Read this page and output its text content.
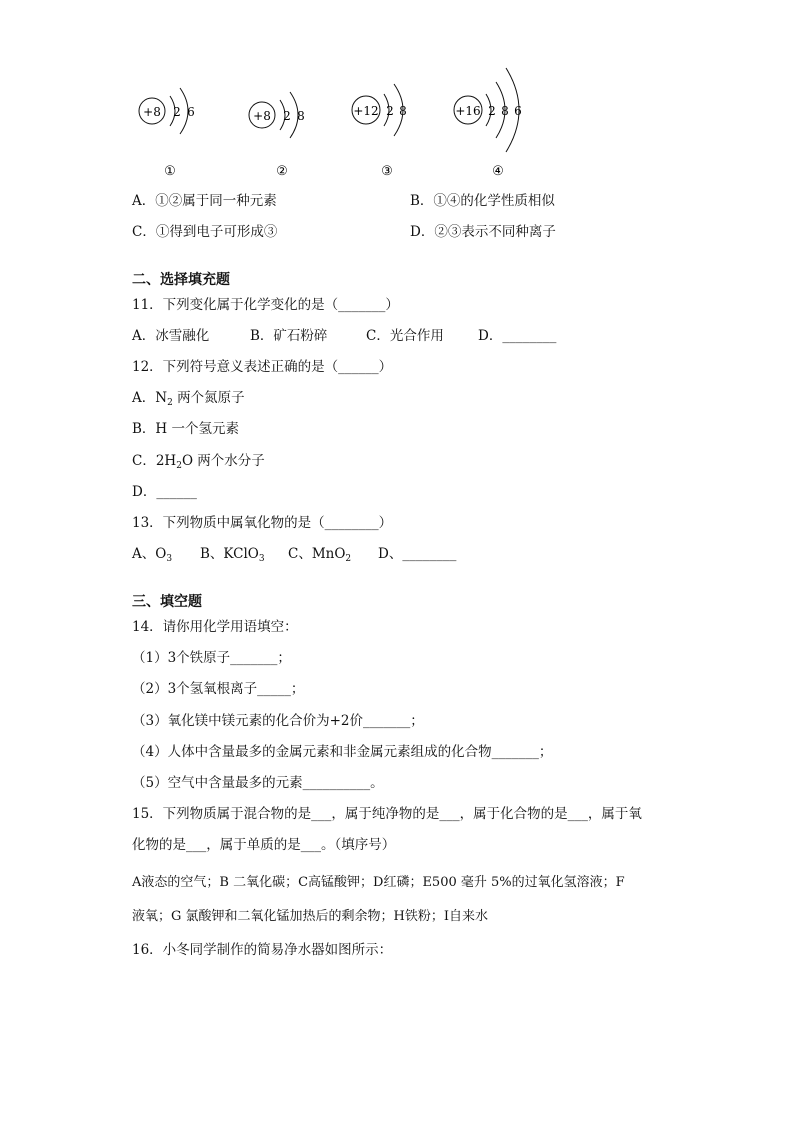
+8 2 6
①
+8 2 8
②
+12 2 8
③
+16 2 8 6
④
A．①②属于同一种元素	B．①④的化学性质相似
C．①得到电子可形成③	D．②③表示不同种离子
二、选择填充题
11．下列变化属于化学变化的是（_______）
A．冰雪融化	B．矿石粉碎	C．光合作用	D．________
12．下列符号意义表述正确的是（______）
A．$N_2$ 两个氮原子
B．H 一个氢元素
C．$2H_2O$ 两个水分子
D．______
13．下列物质中属氧化物的是（________）
A、$O_3$ B、KClO$_3$ C、MnO$_2$ D、________
三、填空题
14．请你用化学用语填空：
（1）3个铁原子_______；
（2）3个氢氧根离子_____；
（3）氧化镁中镁元素的化合价为+2价_______；
（4）人体中含量最多的金属元素和非金属元素组成的化合物_______；
（5）空气中含量最多的元素__________。
15．下列物质属于混合物的是___，属于纯净物的是___，属于化合物的是___，属于氧
化物的是___，属于单质的是___。（填序号）
A液态的空气；B 二氧化碳；C高锰酸钾；D红磷；E500 毫升 5%的过氧化氢溶液；F
液氧；G 氯酸钾和二氧化锰加热后的剩余物；H铁粉；I自来水
16．小冬同学制作的简易净水器如图所示：
